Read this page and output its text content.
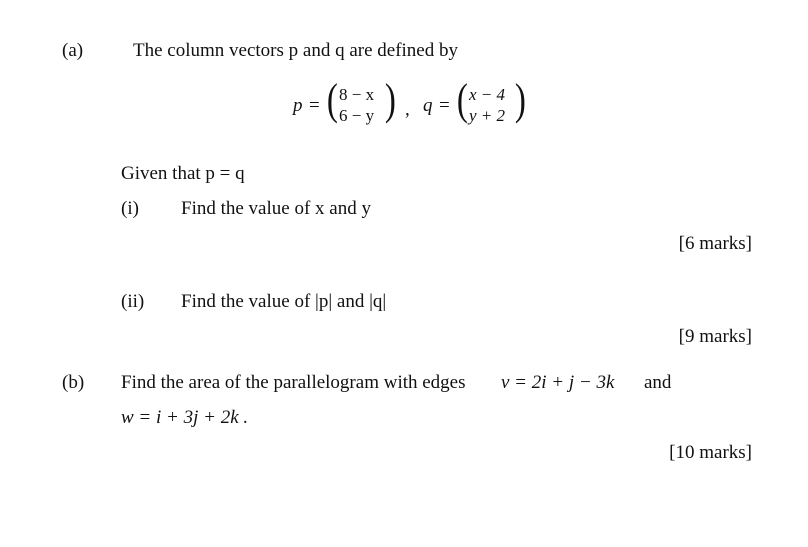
(a)	The column vectors p and q are defined by
p = ( 8 − x
6 − y ) , q = ( x − 4
y + 2 )
Given that p = q
(i) Find the value of x and y
[6 marks]
(ii) Find the value of |p| and |q|
[9 marks]
(b) Find the area of the parallelogram with edges v = 2i + j − 3k and
w = i + 3j + 2k .
[10 marks]
